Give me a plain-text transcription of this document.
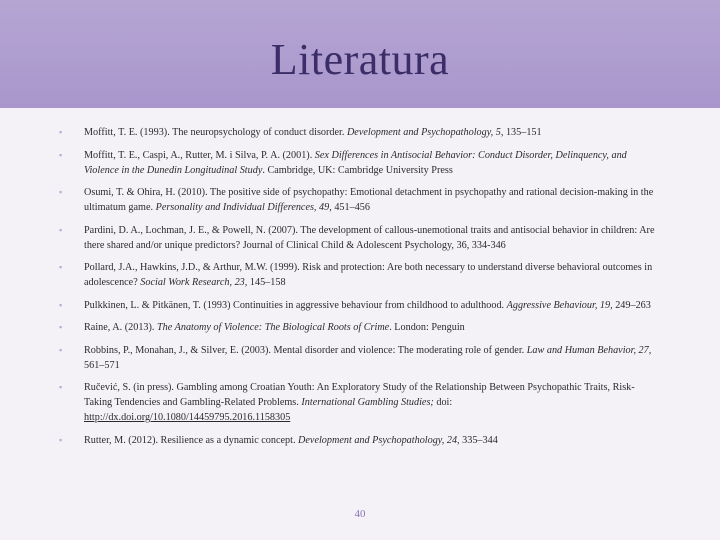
Literatura
▪ Moffitt, T. E. (1993). The neuropsychology of conduct disorder. Development and Psychopathology, 5, 135–151
▪ Moffitt, T. E., Caspi, A., Rutter, M. i Silva, P. A. (2001). Sex Differences in Antisocial Behavior: Conduct Disorder, Delinquency, and Violence in the Dunedin Longitudinal Study. Cambridge, UK: Cambridge University Press
▪ Osumi, T. & Ohira, H. (2010). The positive side of psychopathy: Emotional detachment in psychopathy and rational decision-making in the ultimatum game. Personality and Individual Differences, 49, 451–456
▪ Pardini, D. A., Lochman, J. E., & Powell, N. (2007). The development of callous-unemotional traits and antisocial behavior in children: Are there shared and/or unique predictors? Journal of Clinical Child & Adolescent Psychology, 36, 334-346
▪ Pollard, J.A., Hawkins, J.D., & Arthur, M.W. (1999). Risk and protection: Are both necessary to understand diverse behavioral outcomes in adolescence? Social Work Research, 23, 145–158
▪ Pulkkinen, L. & Pitkänen, T. (1993) Continuities in aggressive behaviour from childhood to adulthood. Aggressive Behaviour, 19, 249–263
▪ Raine, A. (2013). The Anatomy of Violence: The Biological Roots of Crime. London: Penguin
▪ Robbins, P., Monahan, J., & Silver, E. (2003). Mental disorder and violence: The moderating role of gender. Law and Human Behavior, 27, 561–571
▪ Ručević, S. (in press). Gambling among Croatian Youth: An Exploratory Study of the Relationship Between Psychopathic Traits, Risk-Taking Tendencies and Gambling-Related Problems. International Gambling Studies; doi: http://dx.doi.org/10.1080/14459795.2016.1158305
▪ Rutter, M. (2012). Resilience as a dynamic concept. Development and Psychopathology, 24, 335–344
40
